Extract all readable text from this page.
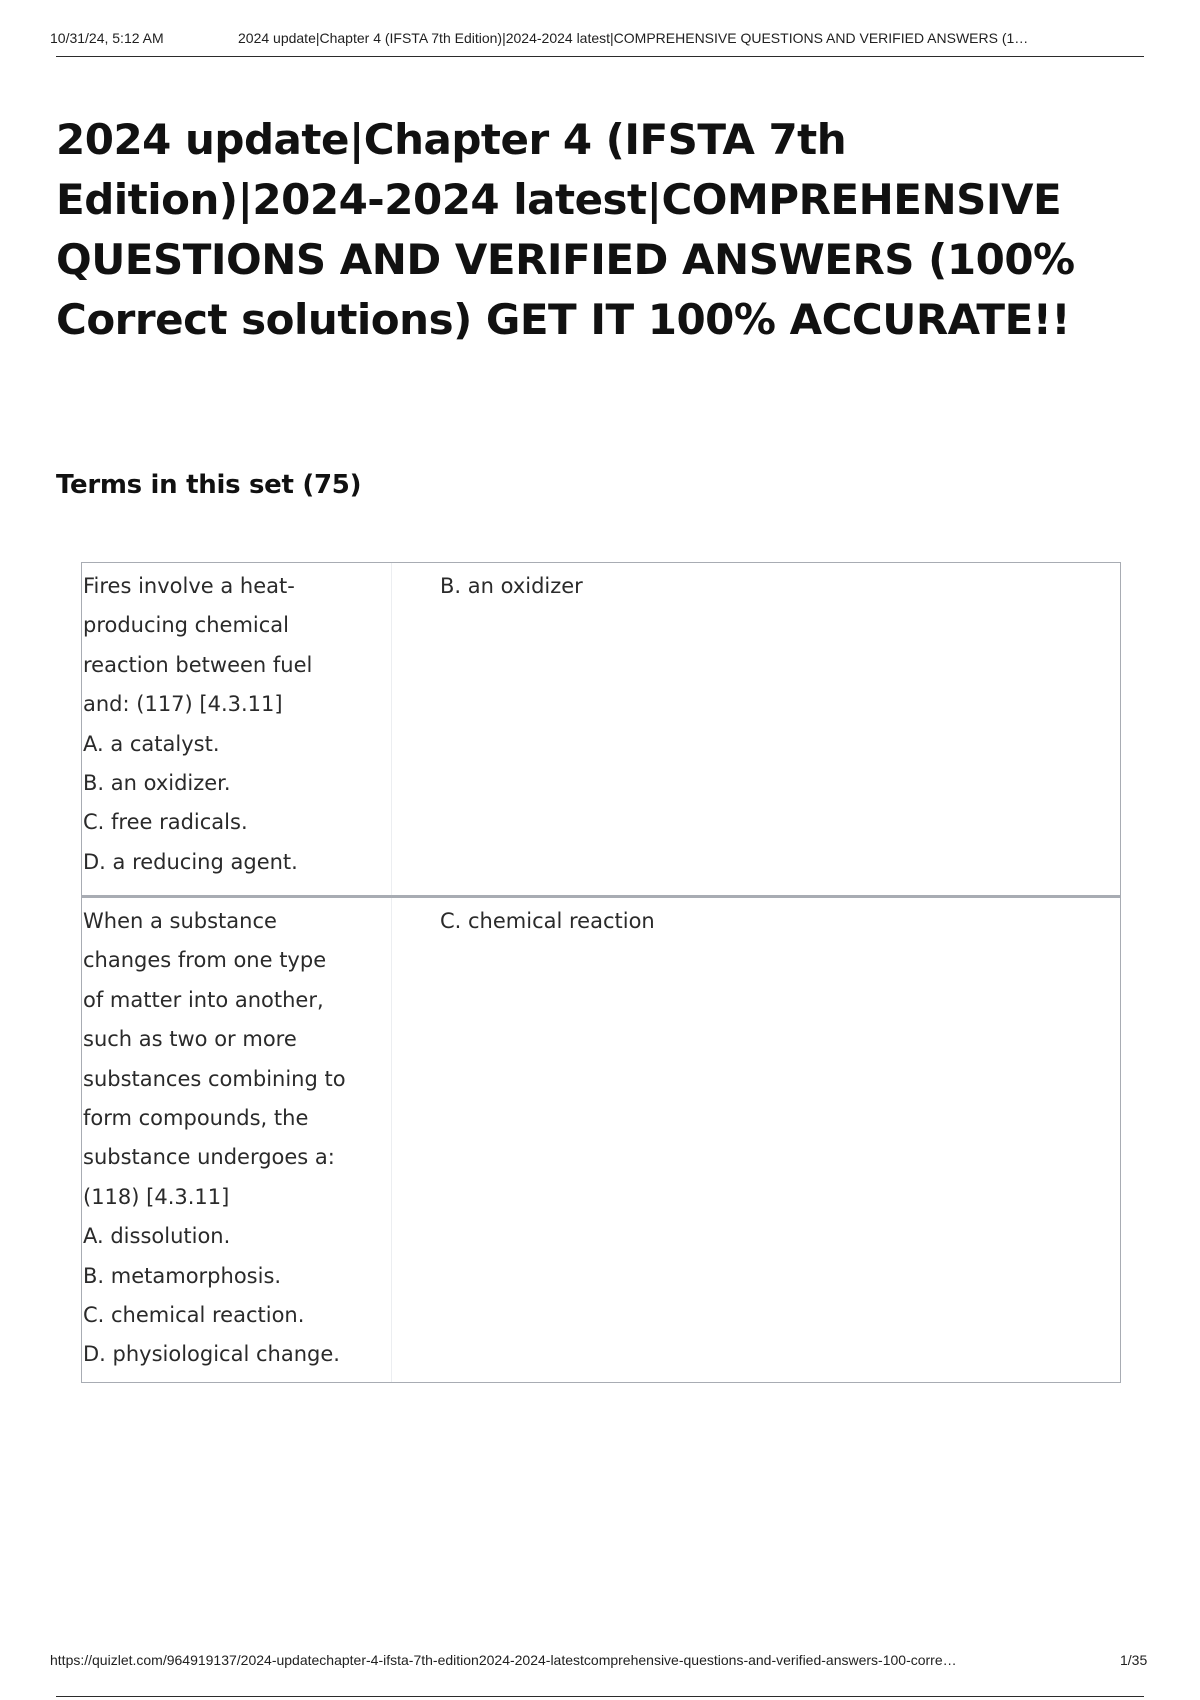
10/31/24, 5:12 AM	2024 update|Chapter 4 (IFSTA 7th Edition)|2024-2024 latest|COMPREHENSIVE QUESTIONS AND VERIFIED ANSWERS (1…
2024 update|Chapter 4 (IFSTA 7th Edition)|2024-2024 latest|COMPREHENSIVE QUESTIONS AND VERIFIED ANSWERS (100% Correct solutions) GET IT 100% ACCURATE!!
Terms in this set (75)
Fires involve a heat-
producing chemical
reaction between fuel
and: (117) [4.3.11]
A. a catalyst.
B. an oxidizer.
C. free radicals.
D. a reducing agent.
B. an oxidizer
When a substance
changes from one type
of matter into another,
such as two or more
substances combining to
form compounds, the
substance undergoes a:
(118) [4.3.11]
A. dissolution.
B. metamorphosis.
C. chemical reaction.
D. physiological change.
C. chemical reaction
https://quizlet.com/964919137/2024-updatechapter-4-ifsta-7th-edition2024-2024-latestcomprehensive-questions-and-verified-answers-100-corre…	1/35
